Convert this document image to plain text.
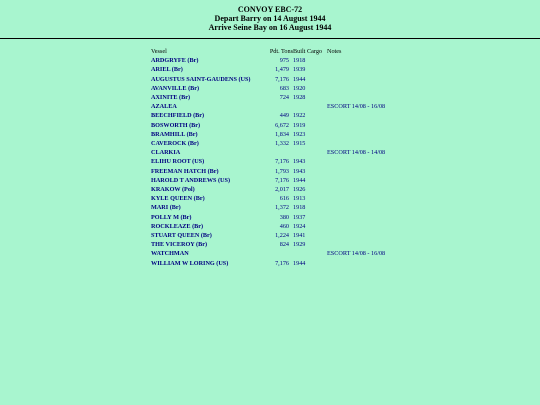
CONVOY EBC-72
Depart Barry on 14 August 1944
Arrive Seine Bay on 16 August 1944
Vessel	Pdt. Tons	Built	Cargo	Notes
ARDGRYFE (Br)	975	1918		
ARIEL (Br)	1,479	1939		
AUGUSTUS SAINT-GAUDENS (US)	7,176	1944		
AVANVILLE (Br)	683	1920		
AXINITE (Br)	724	1928		
AZALEA				ESCORT 14/08 - 16/08
BEECHFIELD (Br)	449	1922		
BOSWORTH (Br)	6,672	1919		
BRAMHILL (Br)	1,834	1923		
CAVEROCK (Br)	1,332	1915		
CLARKIA				ESCORT 14/08 - 14/08
ELIHU ROOT (US)	7,176	1943		
FREEMAN HATCH (Br)	1,793	1943		
HAROLD T ANDREWS (US)	7,176	1944		
KRAKOW (Pol)	2,017	1926		
KYLE QUEEN (Br)	616	1913		
MARI (Br)	1,372	1918		
POLLY M (Br)	380	1937		
ROCKLEAZE (Br)	460	1924		
STUART QUEEN (Br)	1,224	1941		
THE VICEROY (Br)	824	1929		
WATCHMAN				ESCORT 14/08 - 16/08
WILLIAM W LORING (US)	7,176	1944		
